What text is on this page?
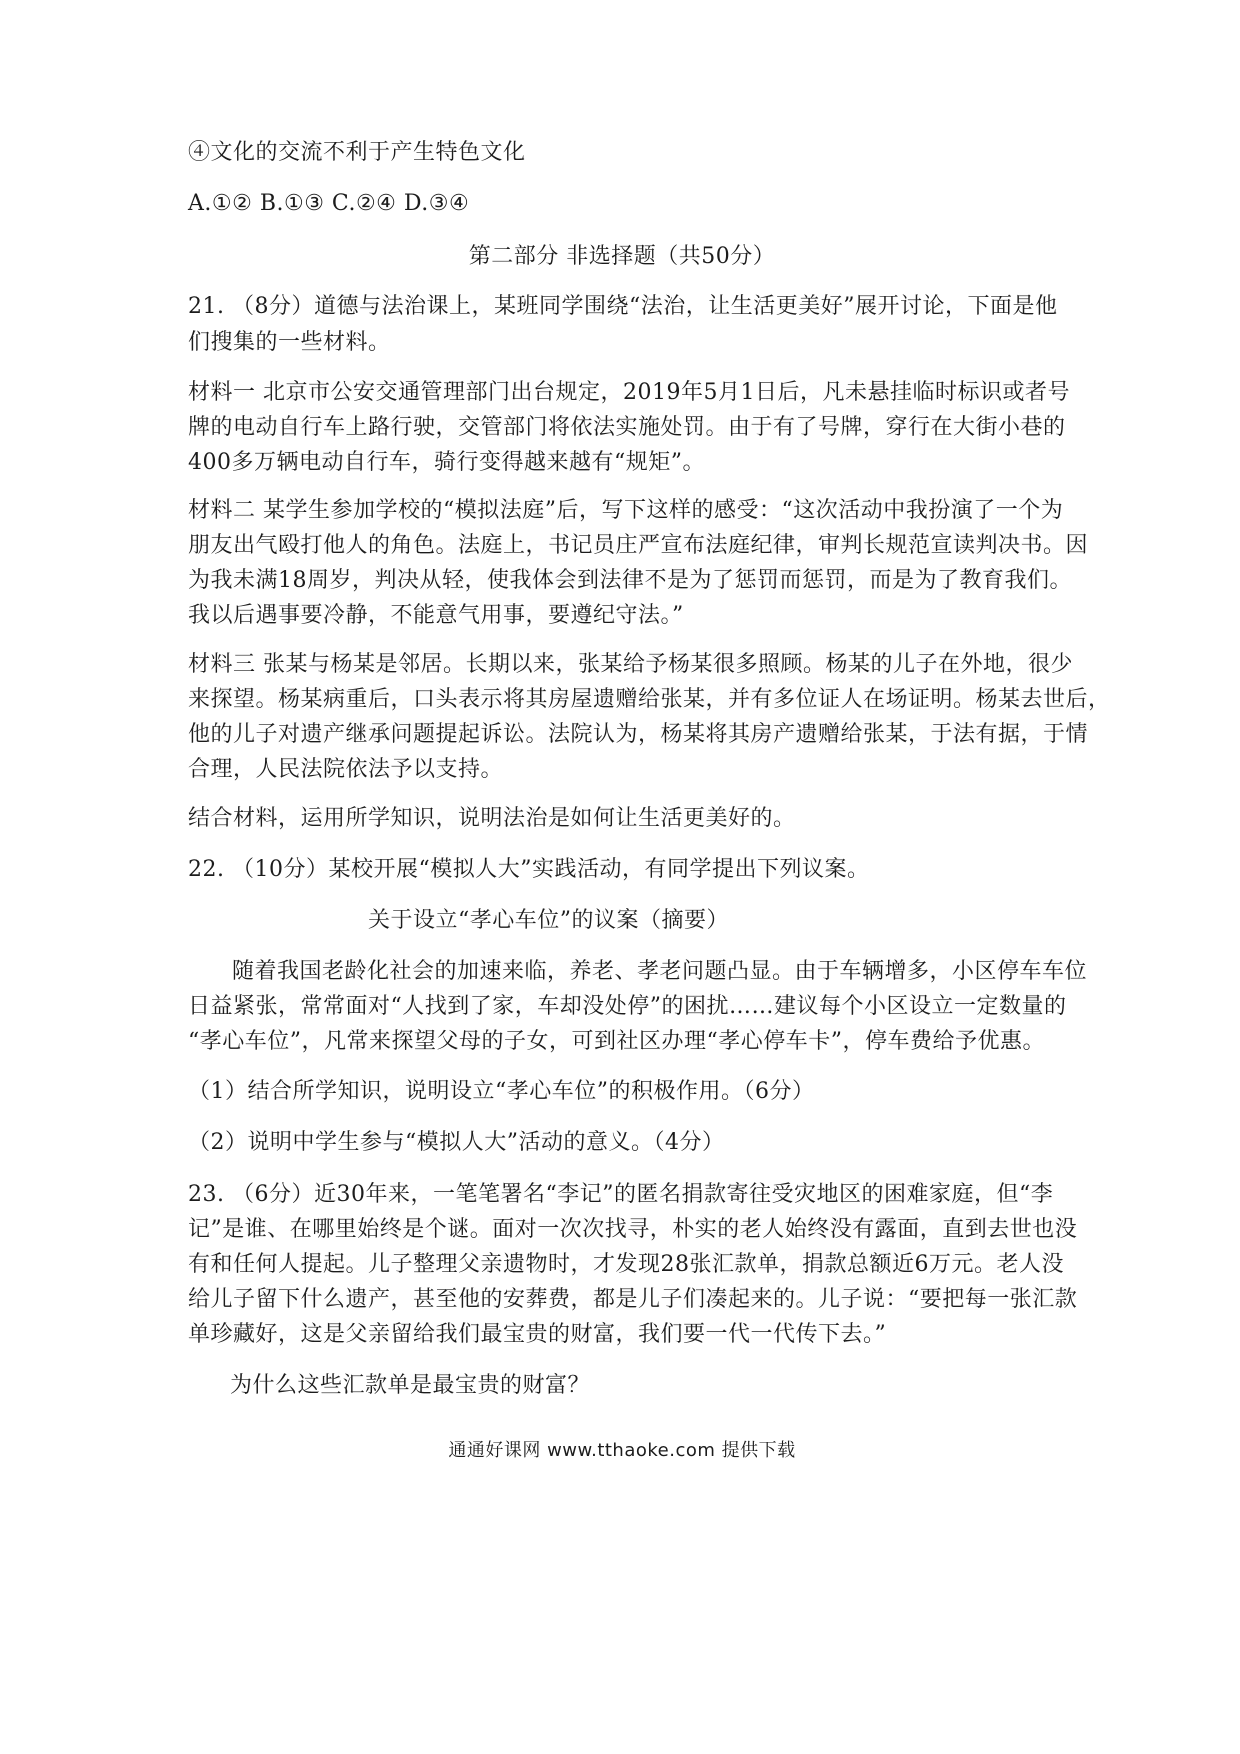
④文化的交流不利于产生特色文化
A.①② B.①③ C.②④ D.③④
第二部分 非选择题（共50分）
21. （8分）道德与法治课上，某班同学围绕“法治，让生活更美好”展开讨论，下面是他
们搜集的一些材料。
材料一 北京市公安交通管理部门出台规定，2019年5月1日后，凡未悬挂临时标识或者号
牌的电动自行车上路行驶，交管部门将依法实施处罚。由于有了号牌，穿行在大街小巷的
400多万辆电动自行车，骑行变得越来越有“规矩”。
材料二 某学生参加学校的“模拟法庭”后，写下这样的感受：“这次活动中我扮演了一个为
朋友出气殴打他人的角色。法庭上，书记员庄严宣布法庭纪律，审判长规范宣读判决书。因
为我未满18周岁，判决从轻，使我体会到法律不是为了惩罚而惩罚，而是为了教育我们。
我以后遇事要冷静，不能意气用事，要遵纪守法。”
材料三 张某与杨某是邻居。长期以来，张某给予杨某很多照顾。杨某的儿子在外地，很少
来探望。杨某病重后，口头表示将其房屋遗赠给张某，并有多位证人在场证明。杨某去世后，
他的儿子对遗产继承问题提起诉讼。法院认为，杨某将其房产遗赠给张某，于法有据，于情
合理，人民法院依法予以支持。
结合材料，运用所学知识，说明法治是如何让生活更美好的。
22. （10分）某校开展“模拟人大”实践活动，有同学提出下列议案。
关于设立“孝心车位”的议案（摘要）
随着我国老龄化社会的加速来临，养老、孝老问题凸显。由于车辆增多，小区停车车位
日益紧张，常常面对“人找到了家，车却没处停”的困扰……建议每个小区设立一定数量的
“孝心车位”，凡常来探望父母的子女，可到社区办理“孝心停车卡”，停车费给予优惠。
（1）结合所学知识，说明设立“孝心车位”的积极作用。（6分）
（2）说明中学生参与“模拟人大”活动的意义。（4分）
23. （6分）近30年来，一笔笔署名“李记”的匿名捐款寄往受灾地区的困难家庭，但“李
记”是谁、在哪里始终是个谜。面对一次次找寻，朴实的老人始终没有露面，直到去世也没
有和任何人提起。儿子整理父亲遗物时，才发现28张汇款单，捐款总额近6万元。老人没
给儿子留下什么遗产，甚至他的安葬费，都是儿子们凑起来的。儿子说：“要把每一张汇款
单珍藏好，这是父亲留给我们最宝贵的财富，我们要一代一代传下去。”
为什么这些汇款单是最宝贵的财富？
通通好课网 www.tthaoke.com 提供下载
